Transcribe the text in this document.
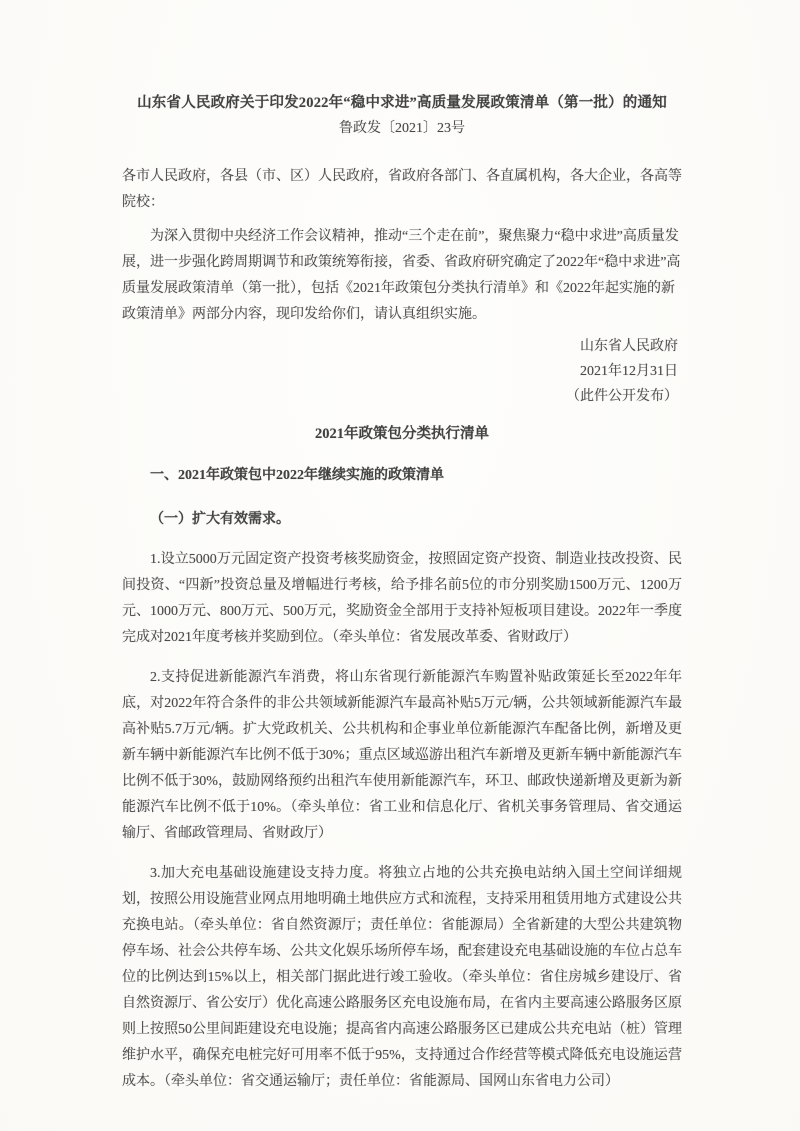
山东省人民政府关于印发2022年“稳中求进”高质量发展政策清单（第一批）的通知
鲁政发〔2021〕23号

各市人民政府，各县（市、区）人民政府，省政府各部门、各直属机构，各大企业，各高等院校：

为深入贯彻中央经济工作会议精神，推动“三个走在前”，聚焦聚力“稳中求进”高质量发展，进一步强化跨周期调节和政策统筹衔接，省委、省政府研究确定了2022年“稳中求进”高质量发展政策清单（第一批），包括《2021年政策包分类执行清单》和《2022年起实施的新政策清单》两部分内容，现印发给你们，请认真组织实施。

山东省人民政府
2021年12月31日
（此件公开发布）
2021年政策包分类执行清单
一、2021年政策包中2022年继续实施的政策清单
（一）扩大有效需求。

1.设立5000万元固定资产投资考核奖励资金，按照固定资产投资、制造业技改投资、民间投资、“四新”投资总量及增幅进行考核，给予排名前5位的市分别奖励1500万元、1200万元、1000万元、800万元、500万元，奖励资金全部用于支持补短板项目建设。2022年一季度完成对2021年度考核并奖励到位。（牵头单位：省发展改革委、省财政厅）

2.支持促进新能源汽车消费，将山东省现行新能源汽车购置补贴政策延长至2022年年底，对2022年符合条件的非公共领域新能源汽车最高补贴5万元/辆，公共领域新能源汽车最高补贴5.7万元/辆。扩大党政机关、公共机构和企事业单位新能源汽车配备比例，新增及更新车辆中新能源汽车比例不低于30%；重点区域巡游出租汽车新增及更新车辆中新能源汽车比例不低于30%，鼓励网络预约出租汽车使用新能源汽车，环卫、邮政快递新增及更新为新能源汽车比例不低于10%。（牵头单位：省工业和信息化厅、省机关事务管理局、省交通运输厅、省邮政管理局、省财政厅）

3.加大充电基础设施建设支持力度。将独立占地的公共充换电站纳入国土空间详细规划，按照公用设施营业网点用地明确土地供应方式和流程，支持采用租赁用地方式建设公共充换电站。（牵头单位：省自然资源厅；责任单位：省能源局）全省新建的大型公共建筑物停车场、社会公共停车场、公共文化娱乐场所停车场，配套建设充电基础设施的车位占总车位的比例达到15%以上，相关部门据此进行竣工验收。（牵头单位：省住房城乡建设厅、省自然资源厅、省公安厅）优化高速公路服务区充电设施布局，在省内主要高速公路服务区原则上按照50公里间距建设充电设施；提高省内高速公路服务区已建成公共充电站（桩）管理维护水平，确保充电桩完好可用率不低于95%，支持通过合作经营等模式降低充电设施运营成本。（牵头单位：省交通运输厅；责任单位：省能源局、国网山东省电力公司）
